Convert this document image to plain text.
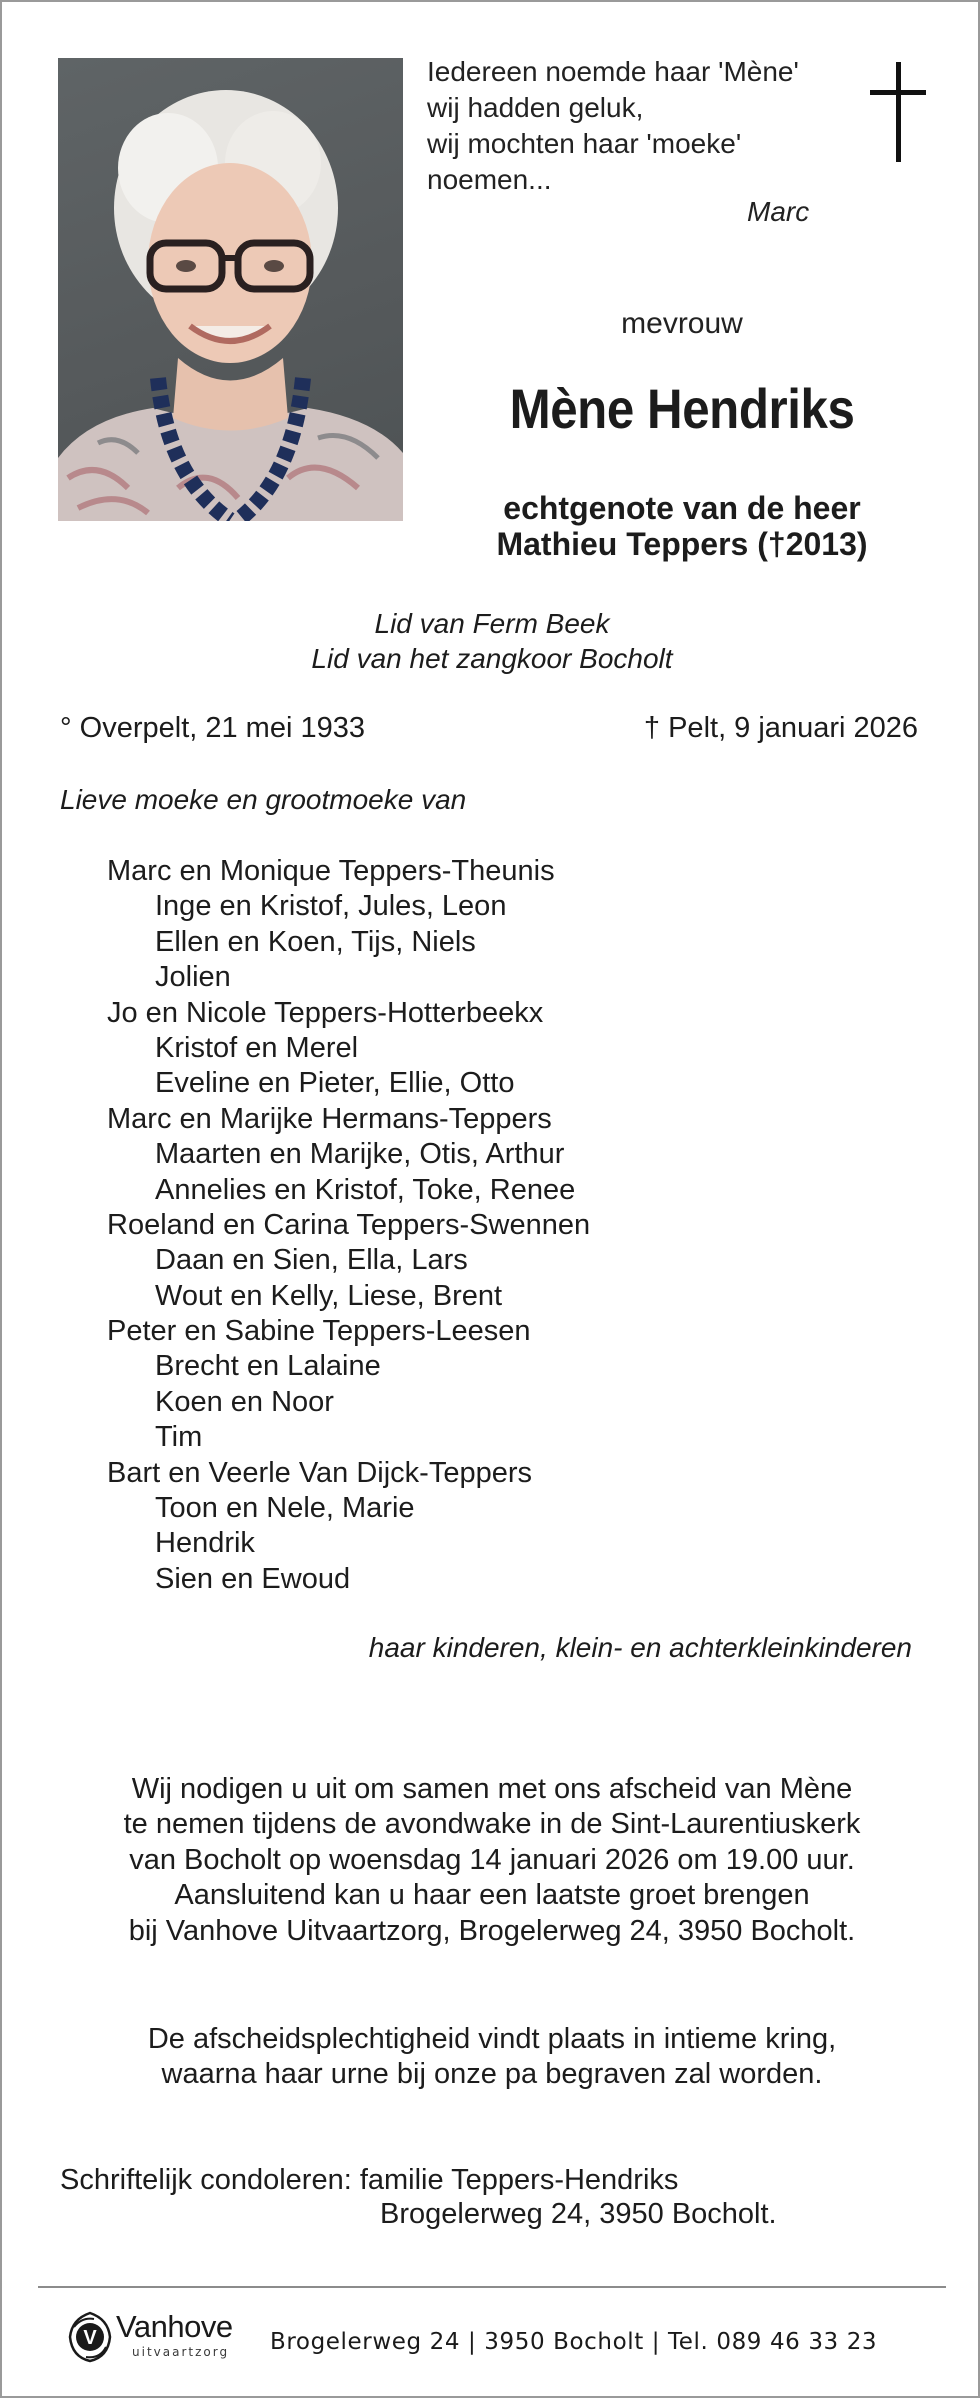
Iedereen noemde haar 'Mène'
wij hadden geluk,
wij mochten haar 'moeke'
noemen...
Marc
mevrouw
Mène Hendriks
echtgenote van de heer
Mathieu Teppers (†2013)
Lid van Ferm Beek
Lid van het zangkoor Bocholt
° Overpelt, 21 mei 1933	† Pelt, 9 januari 2026
Lieve moeke en grootmoeke van
Marc en Monique Teppers-Theunis
Inge en Kristof, Jules, Leon
Ellen en Koen, Tijs, Niels
Jolien
Jo en Nicole Teppers-Hotterbeekx
Kristof en Merel
Eveline en Pieter, Ellie, Otto
Marc en Marijke Hermans-Teppers
Maarten en Marijke, Otis, Arthur
Annelies en Kristof, Toke, Renee
Roeland en Carina Teppers-Swennen
Daan en Sien, Ella, Lars
Wout en Kelly, Liese, Brent
Peter en Sabine Teppers-Leesen
Brecht en Lalaine
Koen en Noor
Tim
Bart en Veerle Van Dijck-Teppers
Toon en Nele, Marie
Hendrik
Sien en Ewoud
haar kinderen, klein- en achterkleinkinderen
Wij nodigen u uit om samen met ons afscheid van Mène
te nemen tijdens de avondwake in de Sint-Laurentiuskerk
van Bocholt op woensdag 14 januari 2026 om 19.00 uur.
Aansluitend kan u haar een laatste groet brengen
bij Vanhove Uitvaartzorg, Brogelerweg 24, 3950 Bocholt.
De afscheidsplechtigheid vindt plaats in intieme kring,
waarna haar urne bij onze pa begraven zal worden.
Schriftelijk condoleren: familie Teppers-Hendriks
Brogelerweg 24, 3950 Bocholt.
V Vanhove
uitvaartzorg Brogelerweg 24 | 3950 Bocholt | Tel. 089 46 33 23
